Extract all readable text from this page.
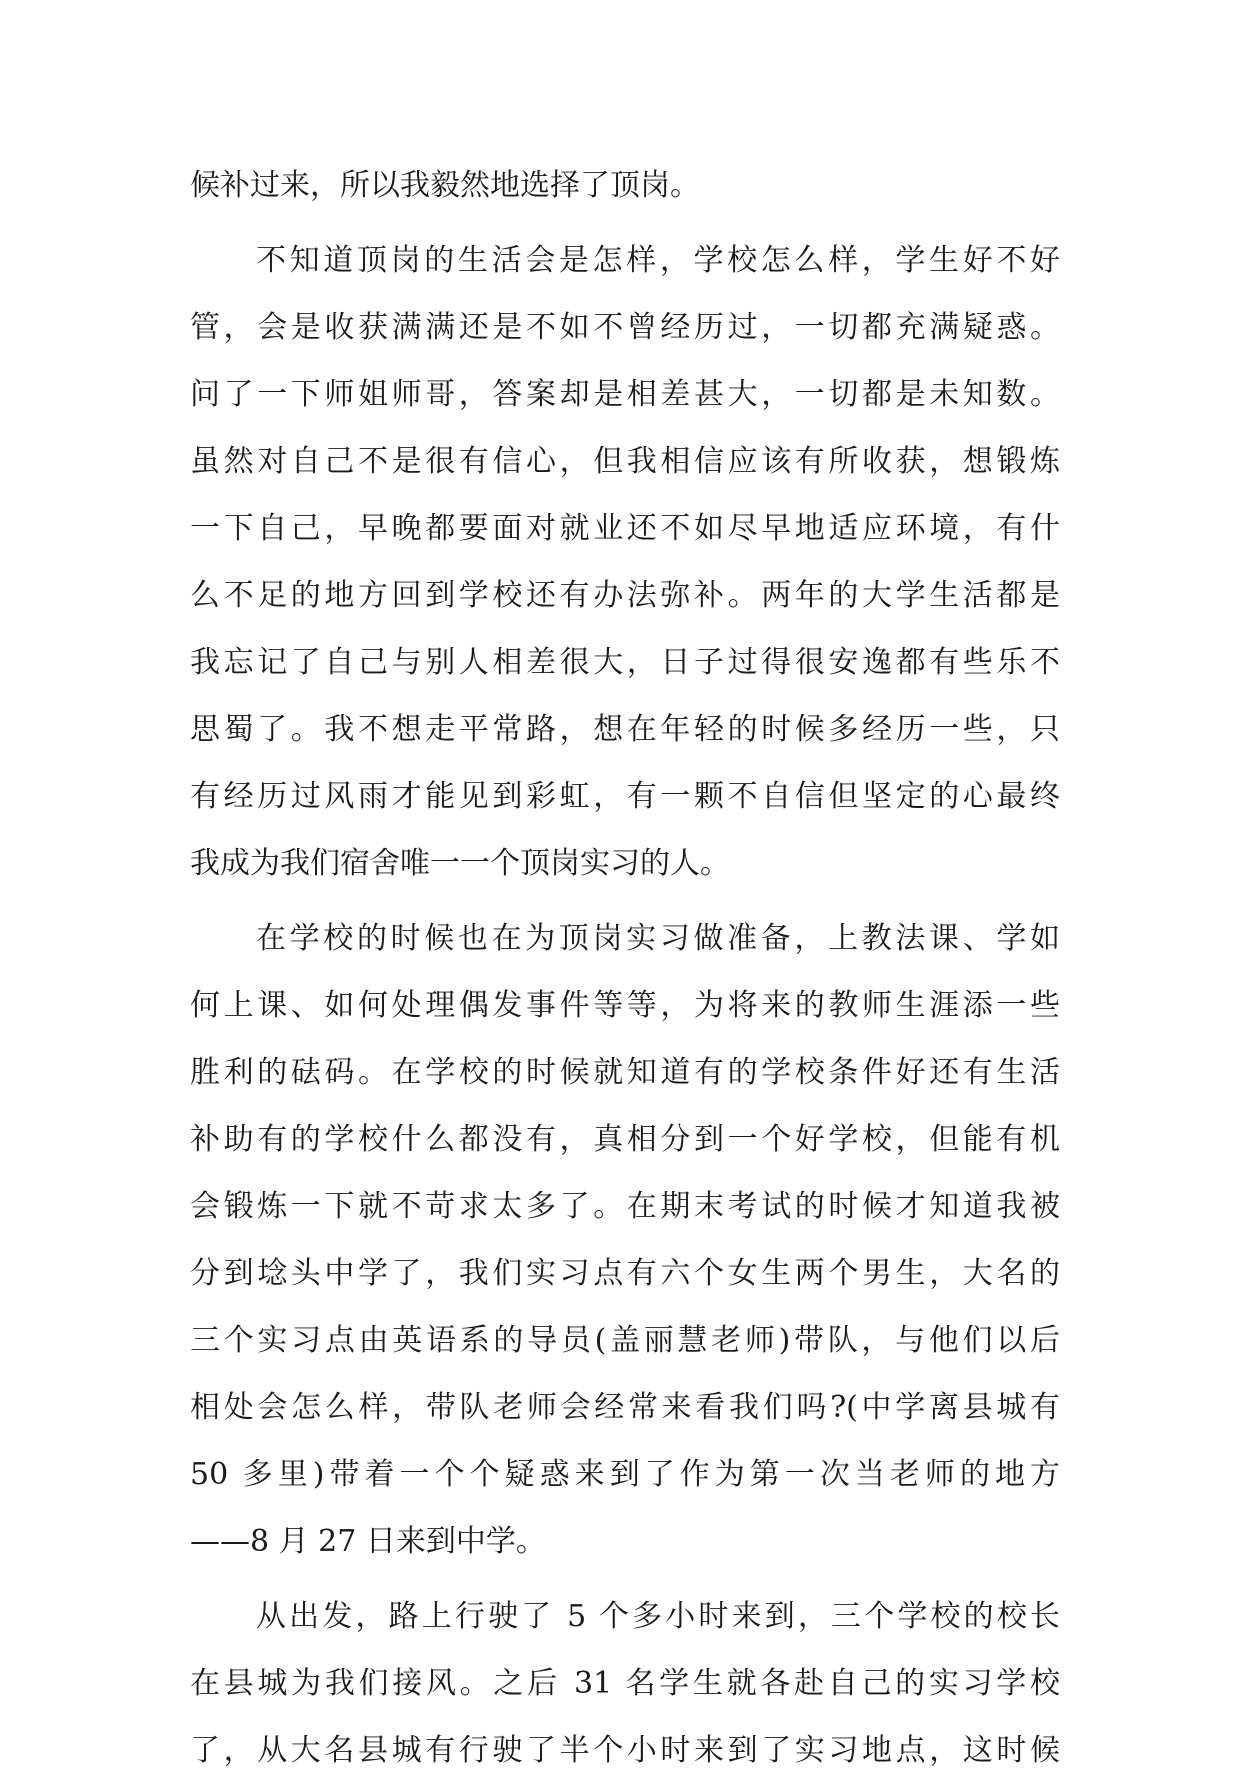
候补过来，所以我毅然地选择了顶岗。
不知道顶岗的生活会是怎样，学校怎么样，学生好不好
管，会是收获满满还是不如不曾经历过，一切都充满疑惑。
问了一下师姐师哥，答案却是相差甚大，一切都是未知数。
虽然对自己不是很有信心，但我相信应该有所收获，想锻炼
一下自己，早晚都要面对就业还不如尽早地适应环境，有什
么不足的地方回到学校还有办法弥补。两年的大学生活都是
我忘记了自己与别人相差很大，日子过得很安逸都有些乐不
思蜀了。我不想走平常路，想在年轻的时候多经历一些，只
有经历过风雨才能见到彩虹，有一颗不自信但坚定的心最终
我成为我们宿舍唯一一个顶岗实习的人。
在学校的时候也在为顶岗实习做准备，上教法课、学如
何上课、如何处理偶发事件等等，为将来的教师生涯添一些
胜利的砝码。在学校的时候就知道有的学校条件好还有生活
补助有的学校什么都没有，真相分到一个好学校，但能有机
会锻炼一下就不苛求太多了。在期末考试的时候才知道我被
分到埝头中学了，我们实习点有六个女生两个男生，大名的
三个实习点由英语系的导员(盖丽慧老师)带队，与他们以后
相处会怎么样，带队老师会经常来看我们吗?(中学离县城有
50 多里)带着一个个疑惑来到了作为第一次当老师的地方
——8 月 27 日来到中学。
从出发，路上行驶了 5 个多小时来到，三个学校的校长
在县城为我们接风。之后 31 名学生就各赴自己的实习学校
了，从大名县城有行驶了半个小时来到了实习地点，这时候
